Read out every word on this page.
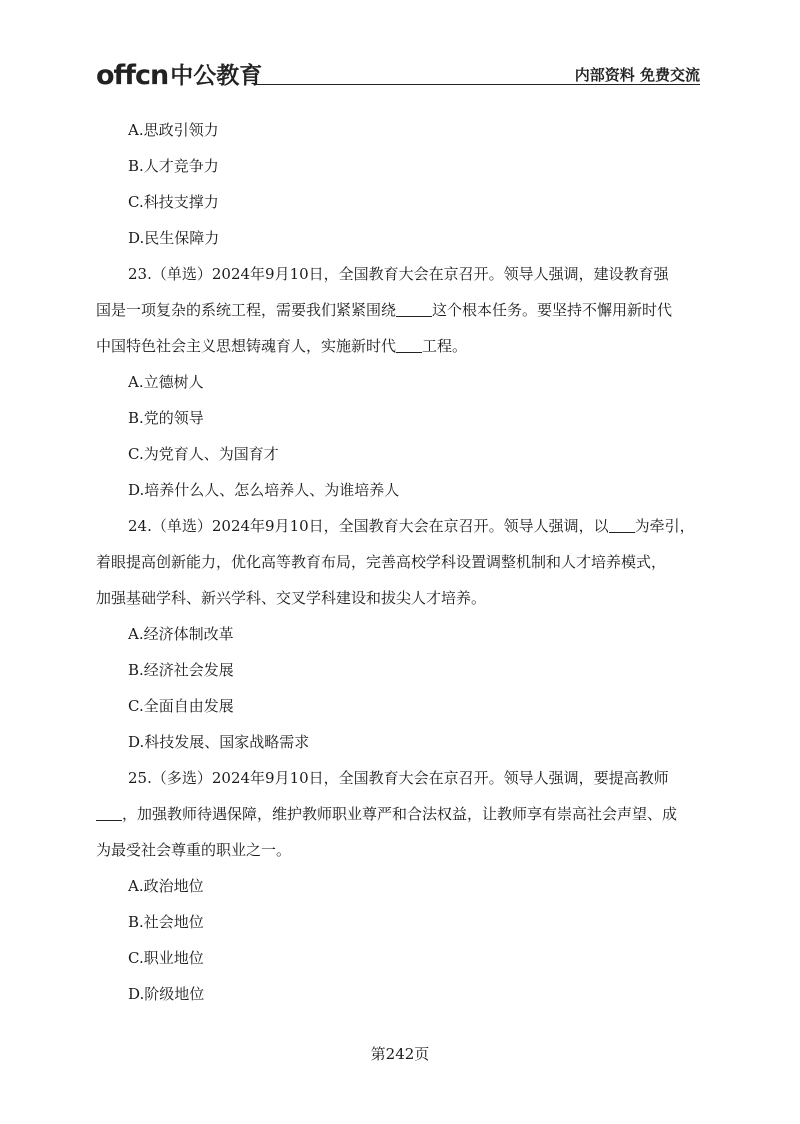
offcn 中公教育	内部资料 免费交流
A.思政引领力
B.人才竞争力
C.科技支撑力
D.民生保障力
23.（单选）2024年9月10日，全国教育大会在京召开。领导人强调，建设教育强
国是一项复杂的系统工程，需要我们紧紧围绕 这个根本任务。要坚持不懈用新时代
中国特色社会主义思想铸魂育人，实施新时代 工程。
A.立德树人
B.党的领导
C.为党育人、为国育才
D.培养什么人、怎么培养人、为谁培养人
24.（单选）2024年9月10日，全国教育大会在京召开。领导人强调，以 为牵引，
着眼提高创新能力，优化高等教育布局，完善高校学科设置调整机制和人才培养模式，
加强基础学科、新兴学科、交叉学科建设和拔尖人才培养。
A.经济体制改革
B.经济社会发展
C.全面自由发展
D.科技发展、国家战略需求
25.（多选）2024年9月10日，全国教育大会在京召开。领导人强调，要提高教师
，加强教师待遇保障，维护教师职业尊严和合法权益，让教师享有崇高社会声望、成
为最受社会尊重的职业之一。
A.政治地位
B.社会地位
C.职业地位
D.阶级地位
第242页
